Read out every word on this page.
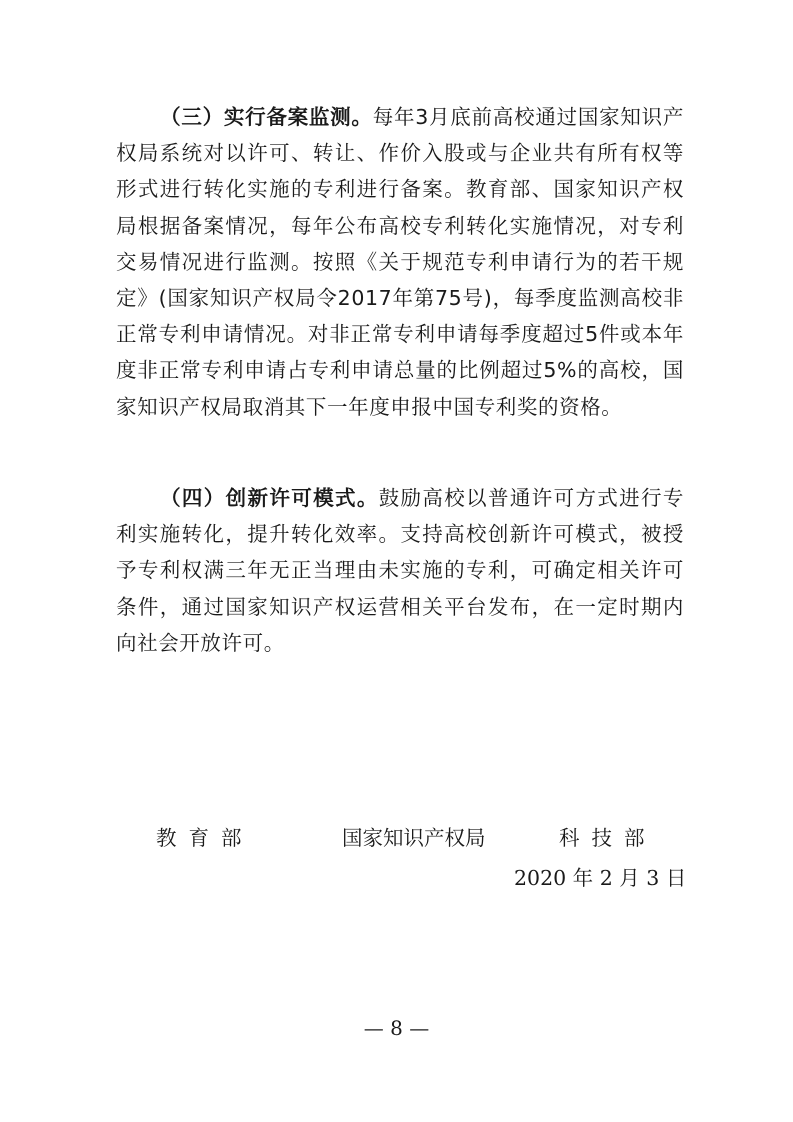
（三）实行备案监测。每年3月底前高校通过国家知识产权局系统对以许可、转让、作价入股或与企业共有所有权等形式进行转化实施的专利进行备案。教育部、国家知识产权局根据备案情况，每年公布高校专利转化实施情况，对专利交易情况进行监测。按照《关于规范专利申请行为的若干规定》(国家知识产权局令2017年第75号)，每季度监测高校非正常专利申请情况。对非正常专利申请每季度超过5件或本年度非正常专利申请占专利申请总量的比例超过5%的高校，国家知识产权局取消其下一年度申报中国专利奖的资格。

（四）创新许可模式。鼓励高校以普通许可方式进行专利实施转化，提升转化效率。支持高校创新许可模式，被授予专利权满三年无正当理由未实施的专利，可确定相关许可条件，通过国家知识产权运营相关平台发布，在一定时期内向社会开放许可。

教育部	国家知识产权局	科技部
2020 年 2 月 3 日
— 8 —
